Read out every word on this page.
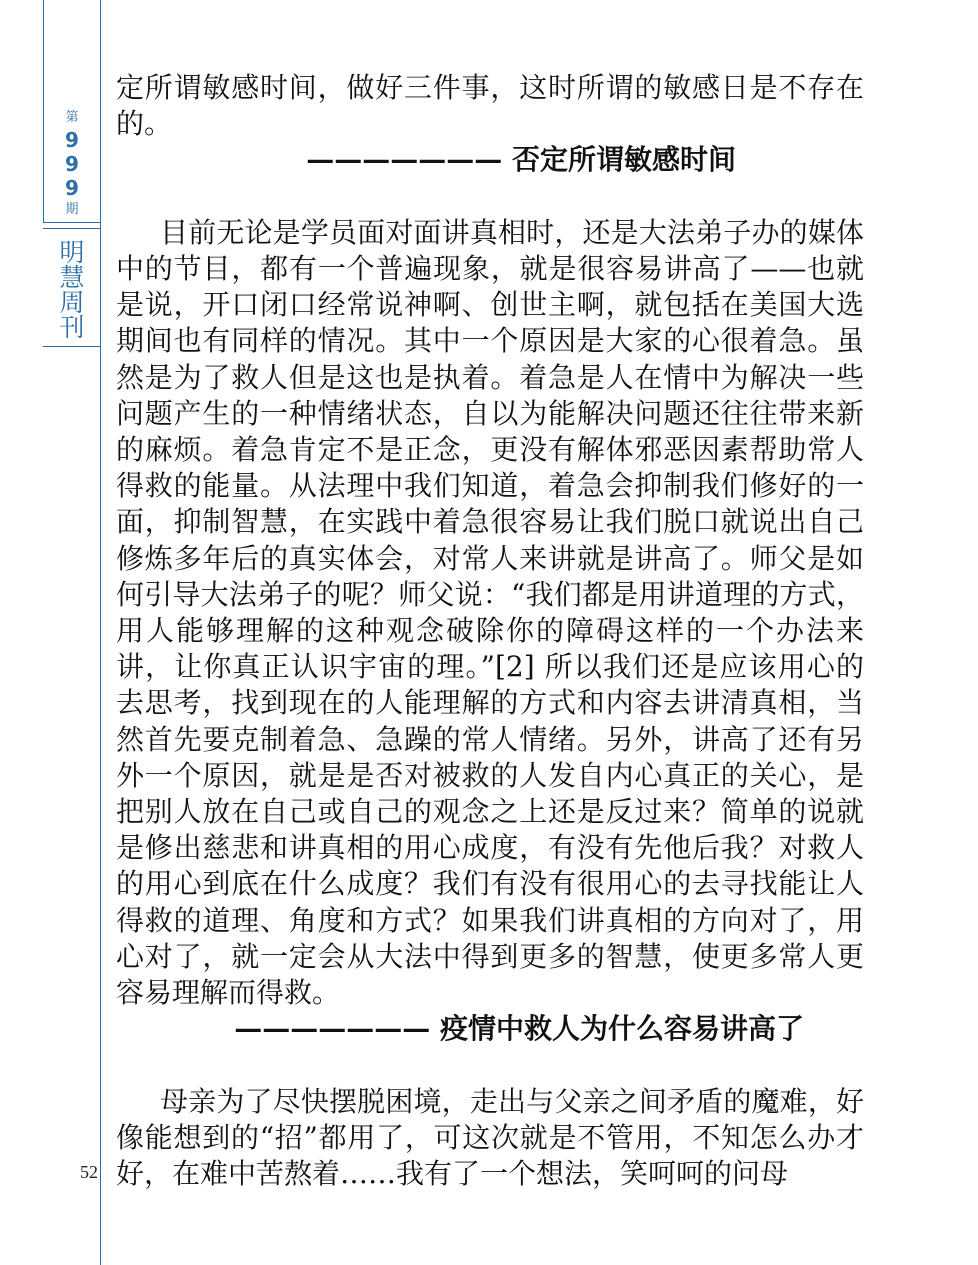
第
9
9
9
期
明
慧
周
刊
52

定所谓敏感时间，做好三件事，这时所谓的敏感日是不存在的。

——————— 否定所谓敏感时间

目前无论是学员面对面讲真相时，还是大法弟子办的媒体中的节目，都有一个普遍现象，就是很容易讲高了——也就是说，开口闭口经常说神啊、创世主啊，就包括在美国大选期间也有同样的情况。其中一个原因是大家的心很着急。虽然是为了救人但是这也是执着。着急是人在情中为解决一些问题产生的一种情绪状态，自以为能解决问题还往往带来新的麻烦。着急肯定不是正念，更没有解体邪恶因素帮助常人得救的能量。从法理中我们知道，着急会抑制我们修好的一面，抑制智慧，在实践中着急很容易让我们脱口就说出自己修炼多年后的真实体会，对常人来讲就是讲高了。师父是如何引导大法弟子的呢？师父说：“我们都是用讲道理的方式，用人能够理解的这种观念破除你的障碍这样的一个办法来讲，让你真正认识宇宙的理。”[2] 所以我们还是应该用心的去思考，找到现在的人能理解的方式和内容去讲清真相，当然首先要克制着急、急躁的常人情绪。另外，讲高了还有另外一个原因，就是是否对被救的人发自内心真正的关心，是把别人放在自己或自己的观念之上还是反过来？简单的说就是修出慈悲和讲真相的用心成度，有没有先他后我？对救人的用心到底在什么成度？我们有没有很用心的去寻找能让人得救的道理、角度和方式？如果我们讲真相的方向对了，用心对了，就一定会从大法中得到更多的智慧，使更多常人更容易理解而得救。

——————— 疫情中救人为什么容易讲高了

母亲为了尽快摆脱困境，走出与父亲之间矛盾的魔难，好像能想到的“招”都用了，可这次就是不管用，不知怎么办才好，在难中苦熬着……我有了一个想法，笑呵呵的问母
